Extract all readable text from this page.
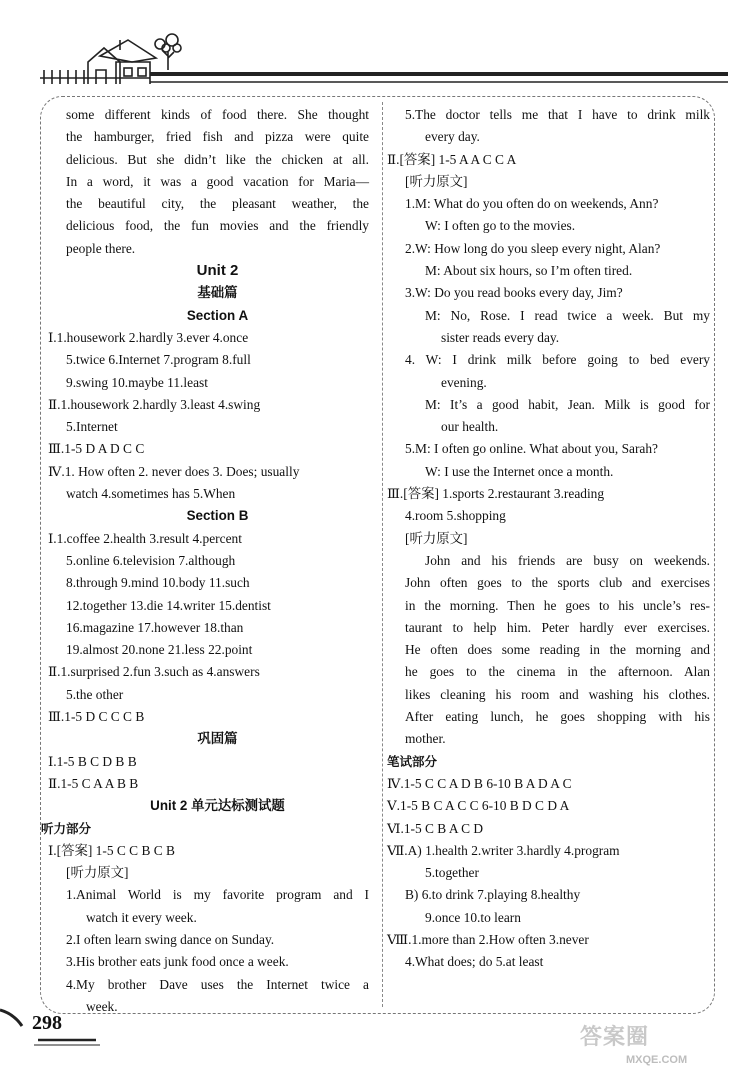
some different kinds of food there. She thought
the hamburger, fried fish and pizza were quite
delicious. But she didn’t like the chicken at all.
In a word, it was a good vacation for Maria—
the beautiful city, the pleasant weather, the
delicious food, the fun movies and the friendly
people there.
Unit 2
基础篇
Section A
Ⅰ.1.housework 2.hardly 3.ever 4.once
5.twice 6.Internet 7.program 8.full
9.swing 10.maybe 11.least
Ⅱ.1.housework 2.hardly 3.least 4.swing
5.Internet
Ⅲ.1-5 D A D C C
Ⅳ.1. How often 2. never does 3. Does; usually
watch 4.sometimes has 5.When
Section B
Ⅰ.1.coffee 2.health 3.result 4.percent
5.online 6.television 7.although
8.through 9.mind 10.body 11.such
12.together 13.die 14.writer 15.dentist
16.magazine 17.however 18.than
19.almost 20.none 21.less 22.point
Ⅱ.1.surprised 2.fun 3.such as 4.answers
5.the other
Ⅲ.1-5 D C C C B
巩固篇
Ⅰ.1-5 B C D B B
Ⅱ.1-5 C A A B B
Unit 2 单元达标测试题
听力部分
Ⅰ.[答案] 1-5 C C B C B
[听力原文]
1.Animal World is my favorite program and I
watch it every week.
2.I often learn swing dance on Sunday.
3.His brother eats junk food once a week.
4.My brother Dave uses the Internet twice a
week.
5.The doctor tells me that I have to drink milk
every day.
Ⅱ.[答案] 1-5 A A C C A
[听力原文]
1.M: What do you often do on weekends, Ann?
W: I often go to the movies.
2.W: How long do you sleep every night, Alan?
M: About six hours, so I’m often tired.
3.W: Do you read books every day, Jim?
M: No, Rose. I read twice a week. But my
sister reads every day.
4. W: I drink milk before going to bed every
evening.
M: It’s a good habit, Jean. Milk is good for
our health.
5.M: I often go online. What about you, Sarah?
W: I use the Internet once a month.
Ⅲ.[答案] 1.sports 2.restaurant 3.reading
4.room 5.shopping
[听力原文]
John and his friends are busy on weekends.
John often goes to the sports club and exercises
in the morning. Then he goes to his uncle’s res-
taurant to help him. Peter hardly ever exercises.
He often does some reading in the morning and
he goes to the cinema in the afternoon. Alan
likes cleaning his room and washing his clothes.
After eating lunch, he goes shopping with his
mother.
笔试部分
Ⅳ.1-5 C C A D B 6-10 B A D A C
Ⅴ.1-5 B C A C C 6-10 B D C D A
Ⅵ.1-5 C B A C D
Ⅶ.A) 1.health 2.writer 3.hardly 4.program
5.together
B) 6.to drink 7.playing 8.healthy
9.once 10.to learn
Ⅷ.1.more than 2.How often 3.never
4.What does; do 5.at least
298
答案圈
MXQE.COM
